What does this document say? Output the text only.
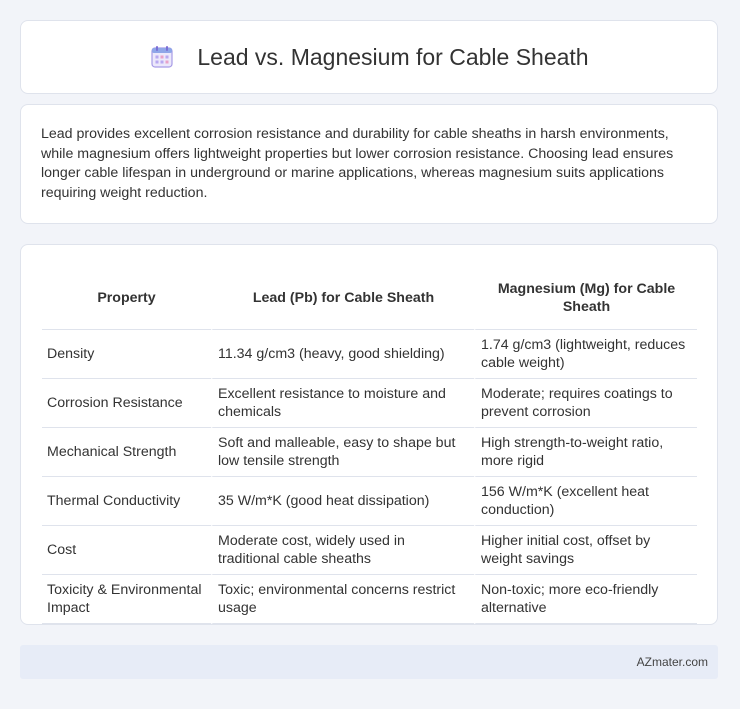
Lead vs. Magnesium for Cable Sheath

Lead provides excellent corrosion resistance and durability for cable sheaths in harsh environments, while magnesium offers lightweight properties but lower corrosion resistance. Choosing lead ensures longer cable lifespan in underground or marine applications, whereas magnesium suits applications requiring weight reduction.

Property	Lead (Pb) for Cable Sheath	Magnesium (Mg) for Cable Sheath
Density	11.34 g/cm3 (heavy, good shielding)	1.74 g/cm3 (lightweight, reduces cable weight)
Corrosion Resistance	Excellent resistance to moisture and chemicals	Moderate; requires coatings to prevent corrosion
Mechanical Strength	Soft and malleable, easy to shape but low tensile strength	High strength-to-weight ratio, more rigid
Thermal Conductivity	35 W/m*K (good heat dissipation)	156 W/m*K (excellent heat conduction)
Cost	Moderate cost, widely used in traditional cable sheaths	Higher initial cost, offset by weight savings
Toxicity & Environmental Impact	Toxic; environmental concerns restrict usage	Non-toxic; more eco-friendly alternative
AZmater.com
